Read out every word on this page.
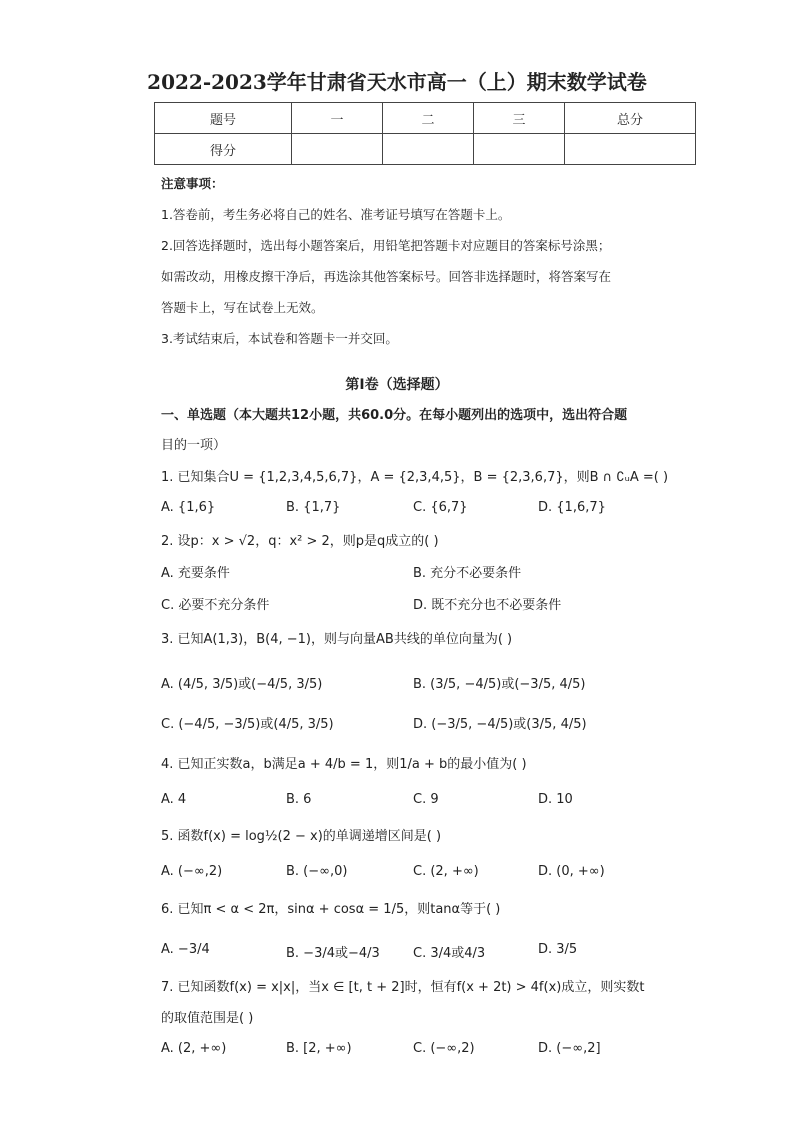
2022-2023学年甘肃省天水市高一（上）期末数学试卷
题号	一	二	三	总分
得分				
注意事项：
1.答卷前，考生务必将自己的姓名、准考证号填写在答题卡上。
2.回答选择题时，选出每小题答案后，用铅笔把答题卡对应题目的答案标号涂黑；
如需改动，用橡皮擦干净后，再选涂其他答案标号。回答非选择题时，将答案写在
答题卡上，写在试卷上无效。
3.考试结束后，本试卷和答题卡一并交回。
第I卷（选择题）
一、单选题（本大题共12小题，共60.0分。在每小题列出的选项中，选出符合题
目的一项）
1. 已知集合U = {1,2,3,4,5,6,7}，A = {2,3,4,5}，B = {2,3,6,7}，则B ∩ ∁ᵤA =( )
A. {1,6}	B. {1,7}	C. {6,7}	D. {1,6,7}
2. 设p：x > √2，q：x² > 2，则p是q成立的( )
A. 充要条件	B. 充分不必要条件
C. 必要不充分条件	D. 既不充分也不必要条件
3. 已知A(1,3)，B(4, −1)，则与向量AB共线的单位向量为( )
A. (4/5, 3/5)或(−4/5, 3/5)	B. (3/5, −4/5)或(−3/5, 4/5)
C. (−4/5, −3/5)或(4/5, 3/5)	D. (−3/5, −4/5)或(3/5, 4/5)
4. 已知正实数a，b满足a + 4/b = 1，则1/a + b的最小值为( )
A. 4	B. 6	C. 9	D. 10
5. 函数f(x) = log½(2 − x)的单调递增区间是( )
A. (−∞,2)	B. (−∞,0)	C. (2, +∞)	D. (0, +∞)
6. 已知π < α < 2π，sinα + cosα = 1/5，则tanα等于( )
A. −3/4	B. −3/4或−4/3	C. 3/4或4/3	D. 3/5
7. 已知函数f(x) = x|x|，当x ∈ [t, t + 2]时，恒有f(x + 2t) > 4f(x)成立，则实数t
的取值范围是( )
A. (2, +∞)	B. [2, +∞)	C. (−∞,2)	D. (−∞,2]
